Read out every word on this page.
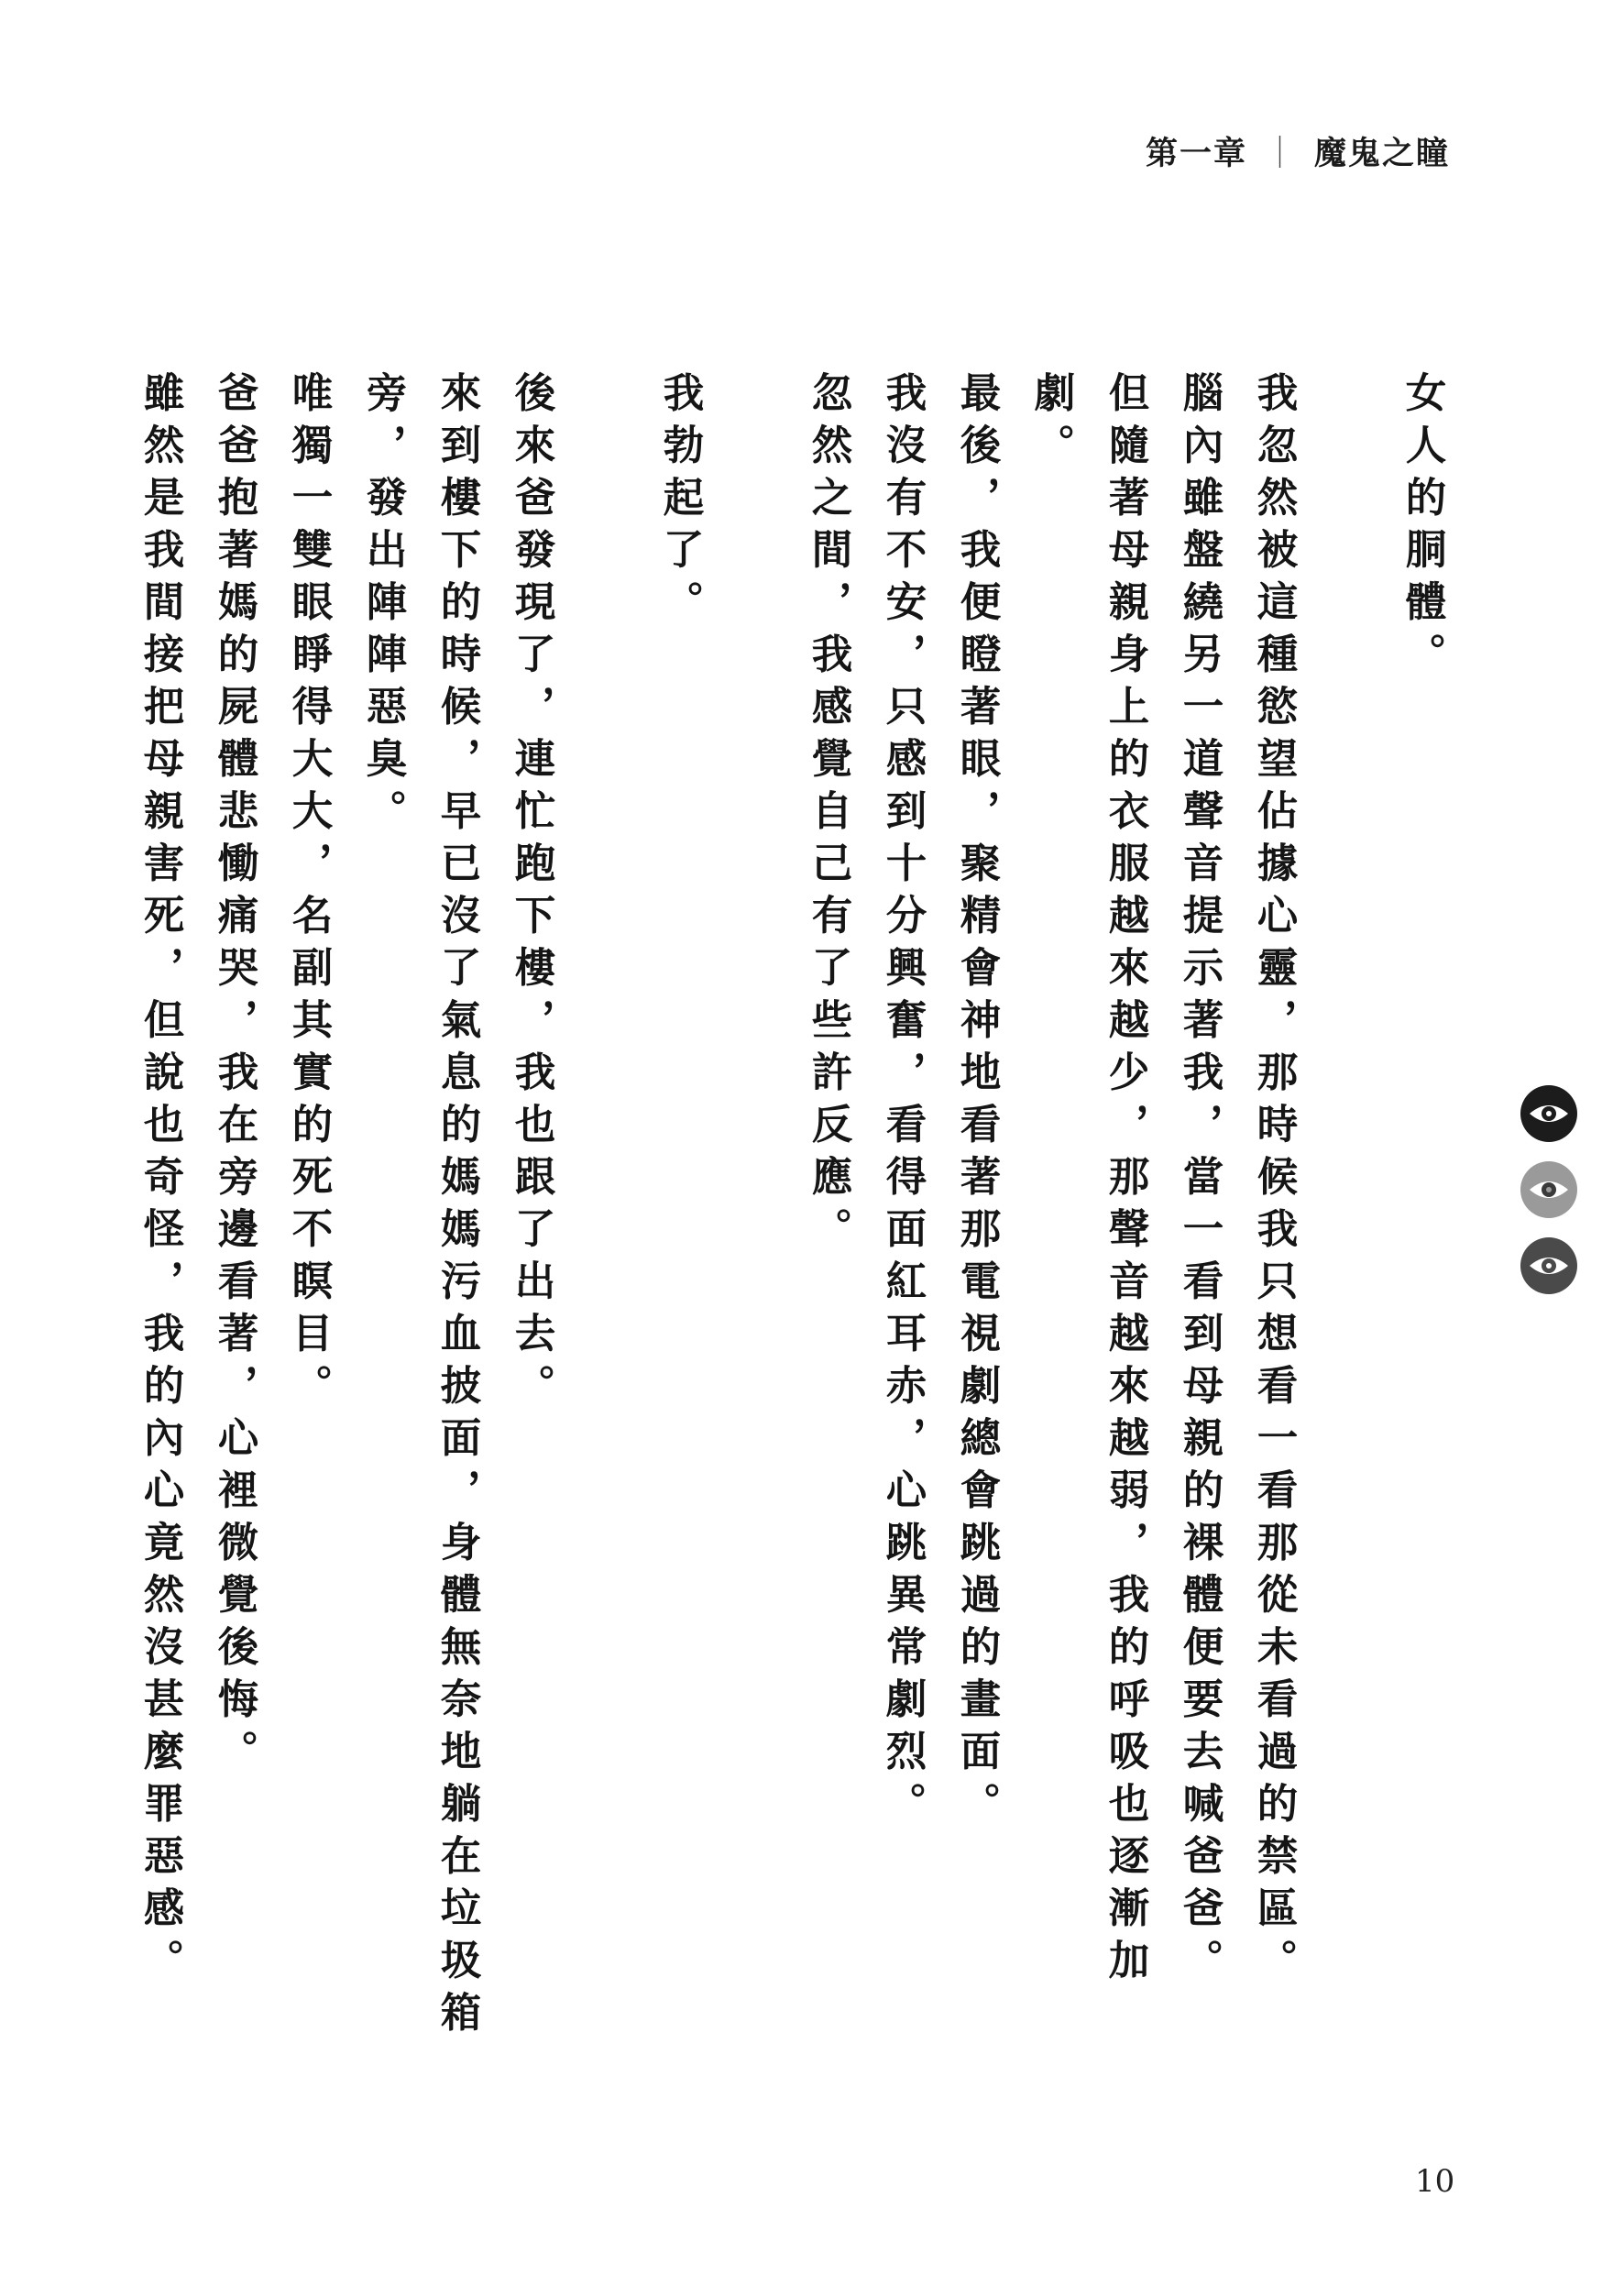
第一章 ｜ 魔鬼之瞳

女人的胴體。

我忽然被這種慾望佔據心靈，那時候我只想看一看那從未看過的禁區。

腦內雖盤繞另一道聲音提示著我，當一看到母親的裸體便要去喊爸爸。

但隨著母親身上的衣服越來越少，那聲音越來越弱，我的呼吸也逐漸加劇。

最後，我便瞪著眼，聚精會神地看著那電視劇總會跳過的畫面。

我沒有不安，只感到十分興奮，看得面紅耳赤，心跳異常劇烈。

忽然之間，我感覺自己有了些許反應。

我勃起了。

後來爸發現了，連忙跑下樓，我也跟了出去。

來到樓下的時候，早已沒了氣息的媽媽污血披面，身體無奈地躺在垃圾箱旁，發出陣陣惡臭。

唯獨一雙眼睜得大大，名副其實的死不瞑目。

爸爸抱著媽的屍體悲慟痛哭，我在旁邊看著，心裡微覺後悔。

雖然是我間接把母親害死，但說也奇怪，我的內心竟然沒甚麼罪惡感。

10
